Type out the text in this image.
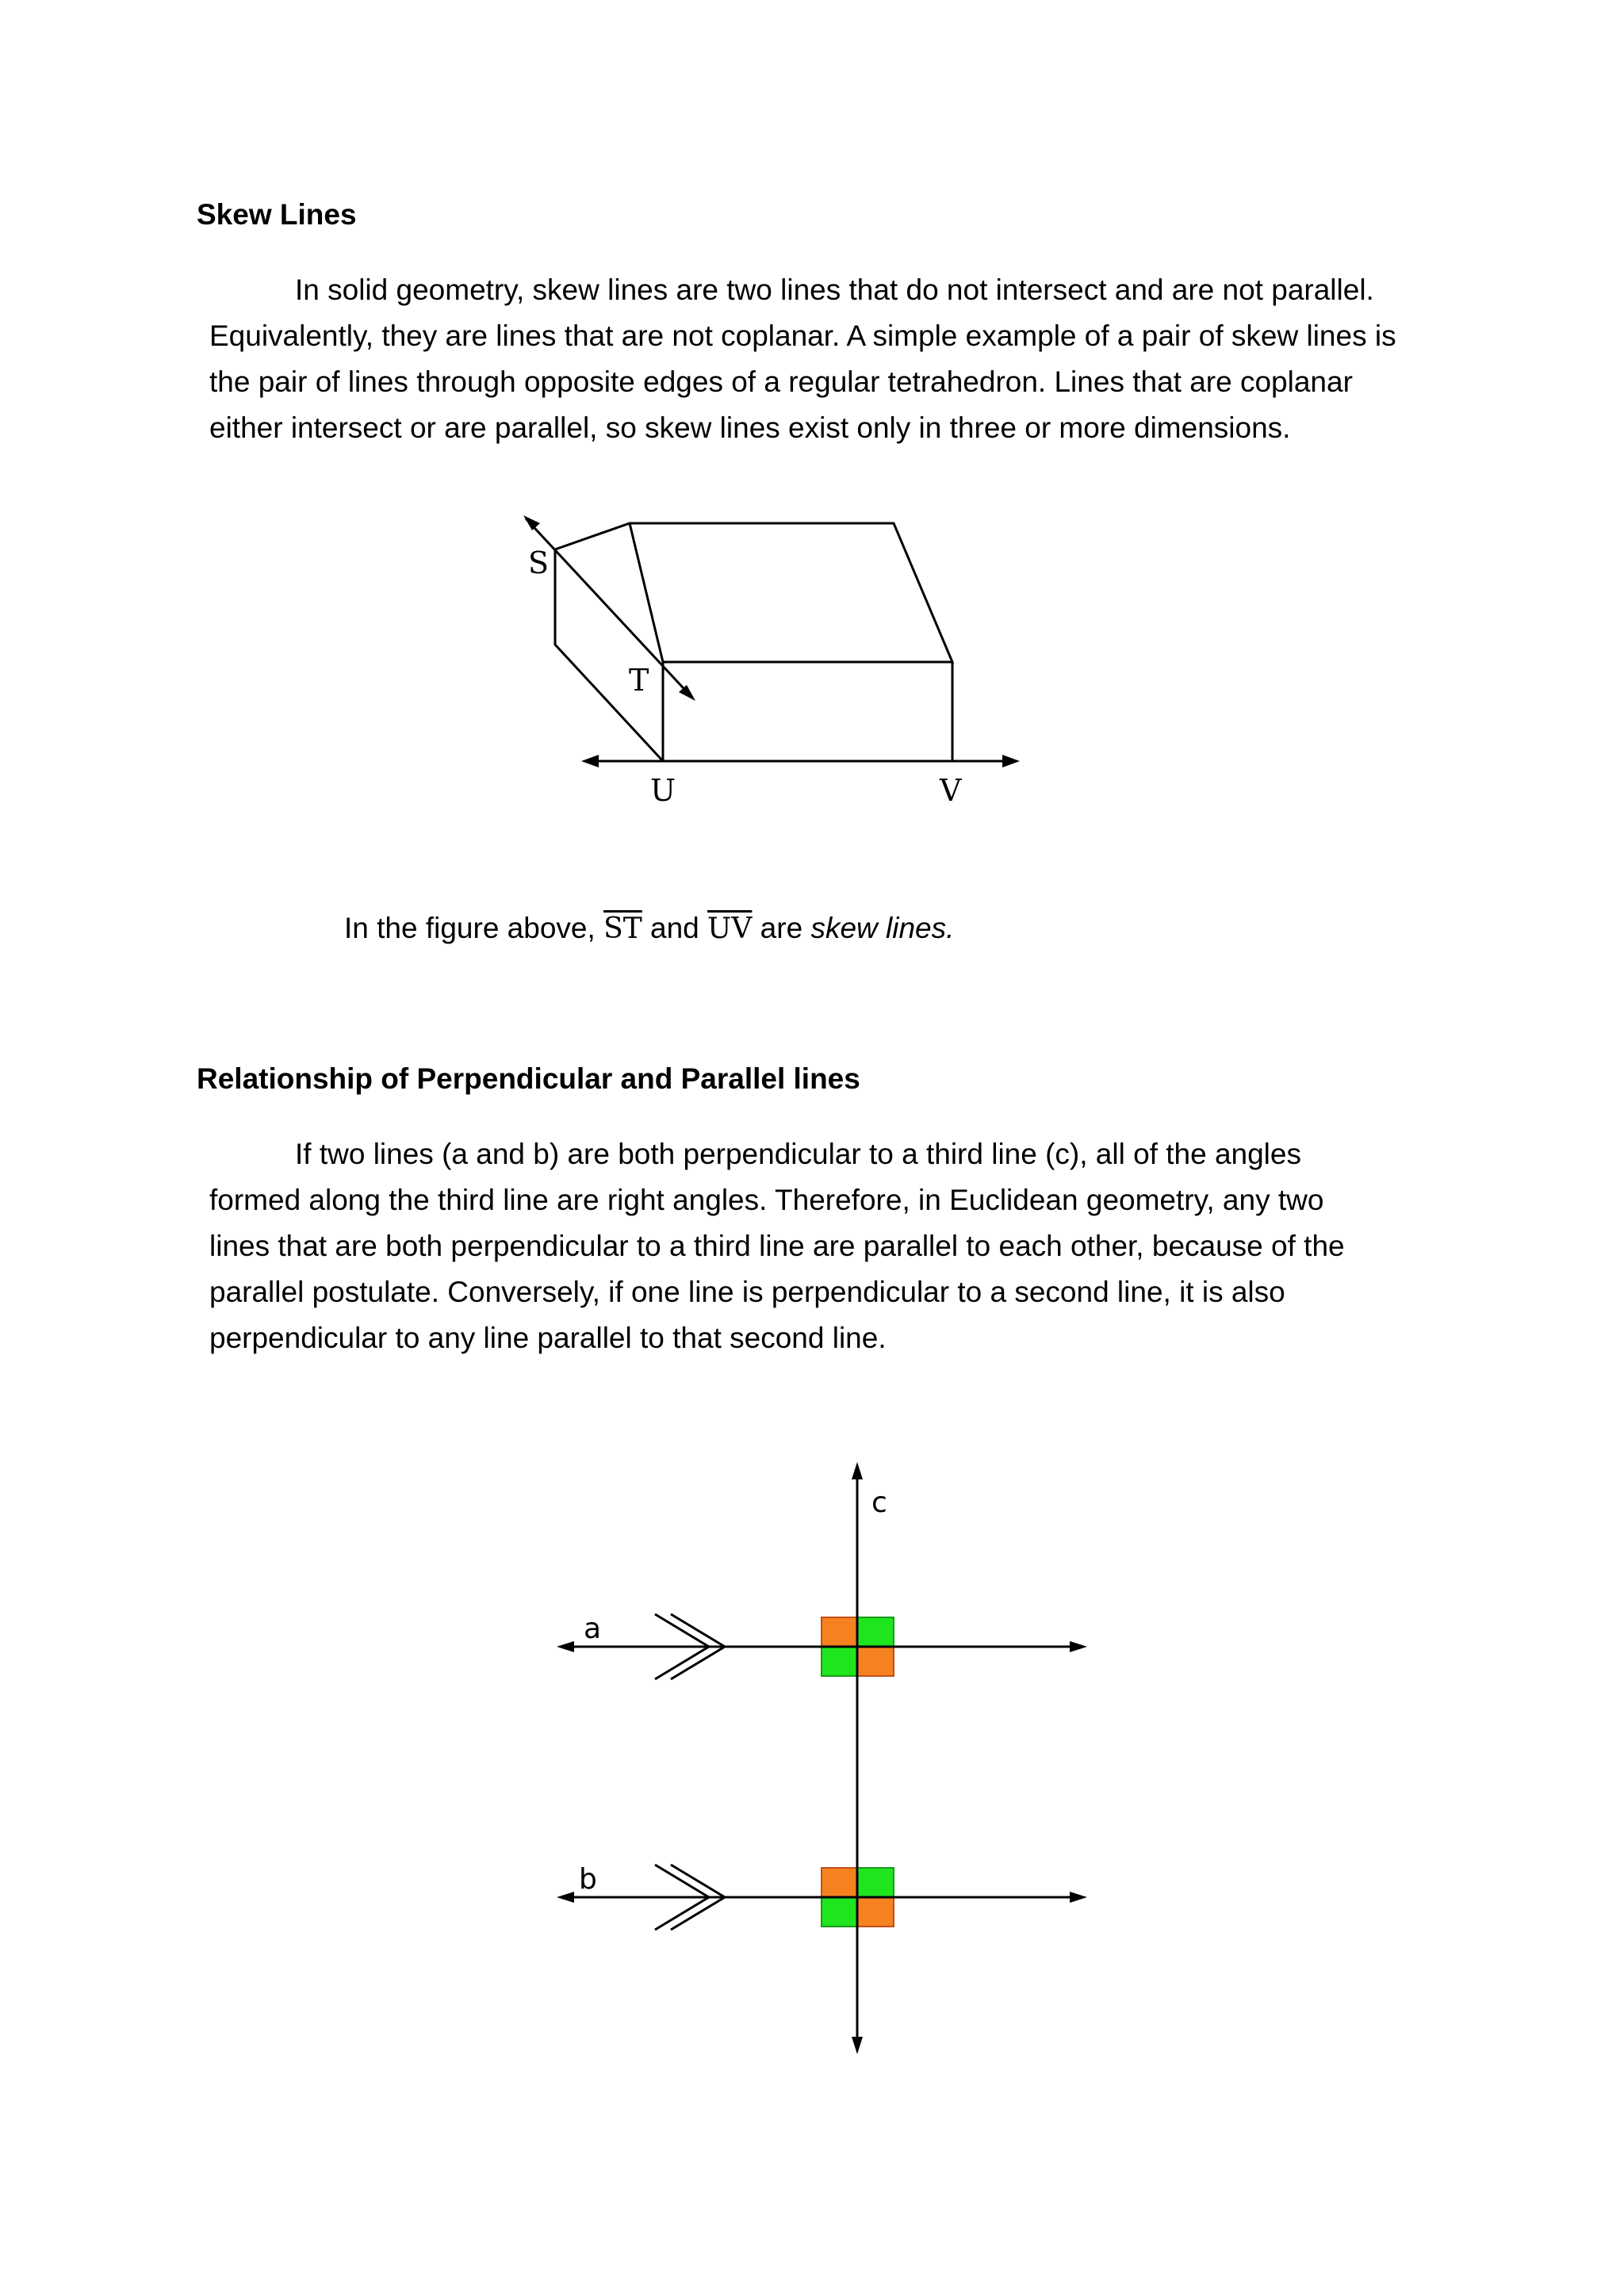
Skew Lines

In solid geometry, skew lines are two lines that do not intersect and are not parallel.
Equivalently, they are lines that are not coplanar. A simple example of a pair of skew lines is
the pair of lines through opposite edges of a regular tetrahedron. Lines that are coplanar
either intersect or are parallel, so skew lines exist only in three or more dimensions.

S
T
U	V
In the figure above, $\overline{ST}$ and $\overline{UV}$ are skew lines.
Relationship of Perpendicular and Parallel lines

If two lines (a and b) are both perpendicular to a third line (c), all of the angles
formed along the third line are right angles. Therefore, in Euclidean geometry, any two
lines that are both perpendicular to a third line are parallel to each other, because of the
parallel postulate. Conversely, if one line is perpendicular to a second line, it is also
perpendicular to any line parallel to that second line.

c
a
b
